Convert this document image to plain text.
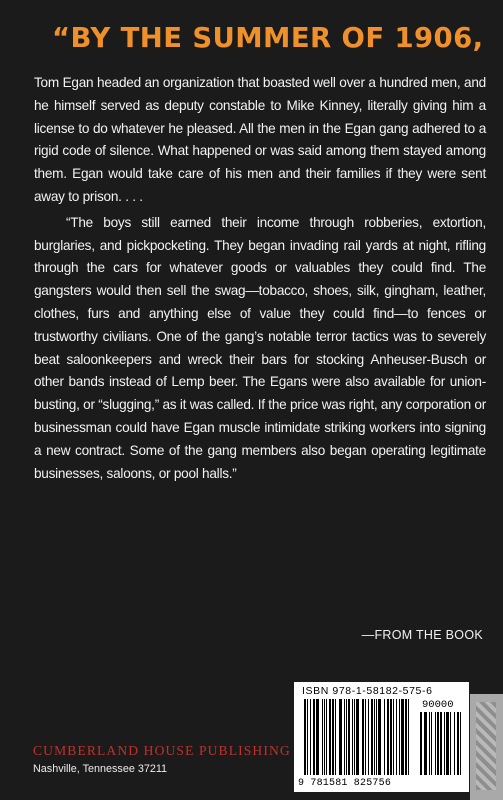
“BY THE SUMMER OF 1906,

Tom Egan headed an organization that boasted well over a hundred men, and he himself served as deputy constable to Mike Kinney, literally giving him a license to do whatever he pleased. All the men in the Egan gang adhered to a rigid code of silence. What happened or was said among them stayed among them. Egan would take care of his men and their families if they were sent away to prison. . . .

“The boys still earned their income through robberies, extortion, burglaries, and pickpocketing. They began invading rail yards at night, rifling through the cars for whatever goods or valuables they could find. The gangsters would then sell the swag—tobacco, shoes, silk, gingham, leather, clothes, furs and anything else of value they could find—to fences or trustworthy civilians. One of the gang’s notable terror tactics was to severely beat saloonkeepers and wreck their bars for stocking Anheuser-Busch or other bands instead of Lemp beer. The Egans were also available for union-busting, or “slugging,” as it was called. If the price was right, any corporation or businessman could have Egan muscle intimidate striking workers into signing a new contract. Some of the gang members also began operating legitimate businesses, saloons, or pool halls.”

—FROM THE BOOK
CUMBERLAND HOUSE PUBLISHING
Nashville, Tennessee 37211
ISBN 978-1-58182-575-6
90000
9 781581 825756
